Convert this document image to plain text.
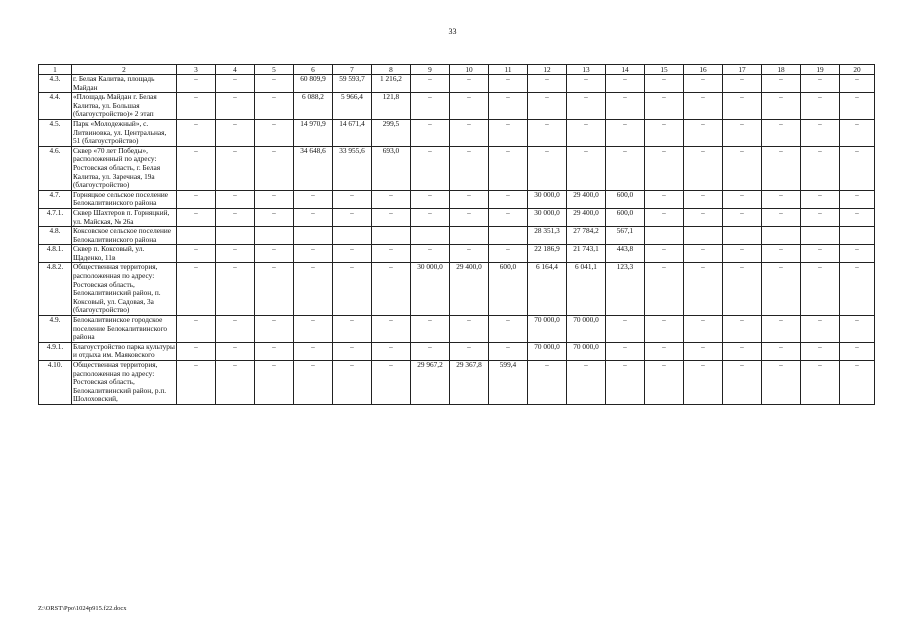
33
1	2	3	4	5	6	7	8	9	10	11	12	13	14	15	16	17	18	19	20
4.3.	г. Белая Калитва, площадь Майдан	–	–	–	60 809,9	59 593,7	1 216,2	–	–	–	–	–	–	–	–	–	–	–	–
4.4.	«Площадь Майдан г. Белая Калитва, ул. Большая (благоустройство)» 2 этап	–	–	–	6 088,2	5 966,4	121,8	–	–	–	–	–	–	–	–	–	–	–	–
4.5.	Парк «Молодежный», с. Литвиновка, ул. Центральная, 51 (благоустройство)	–	–	–	14 970,9	14 671,4	299,5	–	–	–	–	–	–	–	–	–	–	–	–
4.6.	Сквер «70 лет Победы», расположенный по адресу: Ростовская область, г. Белая Калитва, ул. Заречная, 19а (благоустройство)	–	–	–	34 648,6	33 955,6	693,0	–	–	–	–	–	–	–	–	–	–	–	–
4.7.	Горняцкое сельское поселение Белокалитвинского района	–	–	–	–	–	–	–	–	–	30 000,0	29 400,0	600,0	–	–	–	–	–	–
4.7.1.	Сквер Шахтеров п. Горняцкий, ул. Майская, № 26а	–	–	–	–	–	–	–	–	–	30 000,0	29 400,0	600,0	–	–	–	–	–	–
4.8.	Коксовское сельское поселение Белокалитвинского района										28 351,3	27 784,2	567,1						
4.8.1.	Сквер п. Коксовый, ул. Щаденко, 11в	–	–	–	–	–	–	–	–	–	22 186,9	21 743,1	443,8	–	–	–	–	–	–
4.8.2.	Общественная территория, расположенная по адресу: Ростовская область, Белокалитвинский район, п. Коксовый, ул. Садовая, 3а (благоустройство)	–	–	–	–	–	–	30 000,0	29 400,0	600,0	6 164,4	6 041,1	123,3	–	–	–	–	–	–
4.9.	Белокалитвинское городское поселение Белокалитвинского района	–	–	–	–	–	–	–	–	–	70 000,0	70 000,0	–	–	–	–	–	–	–
4.9.1.	Благоустройство парка культуры и отдыха им. Маяковского	–	–	–	–	–	–	–	–	–	70 000,0	70 000,0	–	–	–	–	–	–	–
4.10.	Общественная территория, расположенная по адресу: Ростовская область, Белокалитвинский район, р.п. Шолоховский,	–	–	–	–	–	–	29 967,2	29 367,8	599,4	–	–	–	–	–	–	–	–	–
Z:\ORST\Ppo\1024p915.f22.docx
